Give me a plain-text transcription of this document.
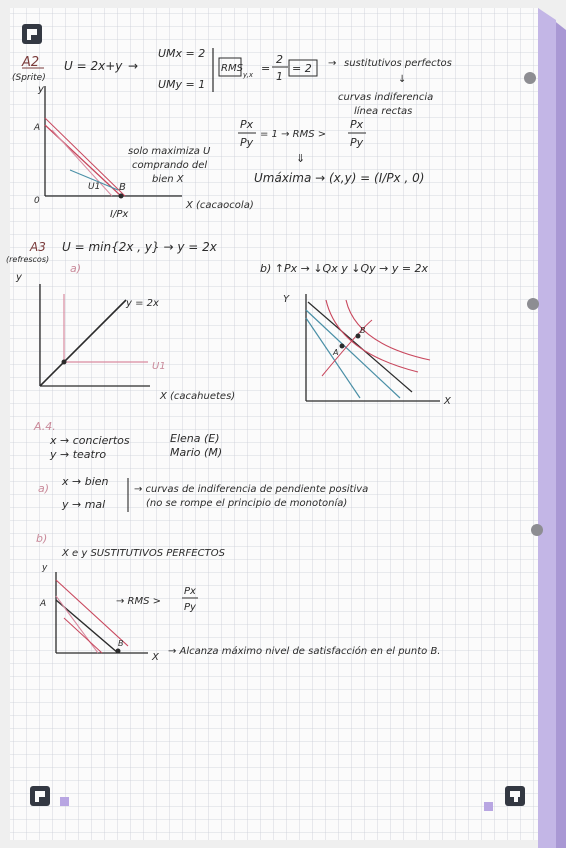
A2
(Sprite)
U = 2x+y →
UMx = 2
UMy = 1
RMS
y,x =
2
1
= 2 → sustitutivos perfectos
↓
curvas indiferencia
línea rectas
Px
Py
= 1 → RMS >
Px
Py
⇓
Umáxima → (x,y) = (I/Px , 0)
y
A
0
B
U1
I/Px
X (cacaocola)
solo maximiza U
comprando del
bien X
A3
(refrescos)
U = min{2x , y} → y = 2x
a)
y
y = 2x
U1
X (cacahuetes)
b) ↑Px → ↓Qx y ↓Qy → y = 2x
Y
A
B
X
A.4.
x → conciertos
y → teatro
Elena (E)
Mario (M)
a)
x → bien
y → mal
→ curvas de indiferencia de pendiente positiva
(no se rompe el principio de monotonía)
b)
X e y SUSTITUTIVOS PERFECTOS
y
A
B
→ RMS >
Px
Py
X
→ Alcanza máximo nivel de satisfacción en el punto B.
